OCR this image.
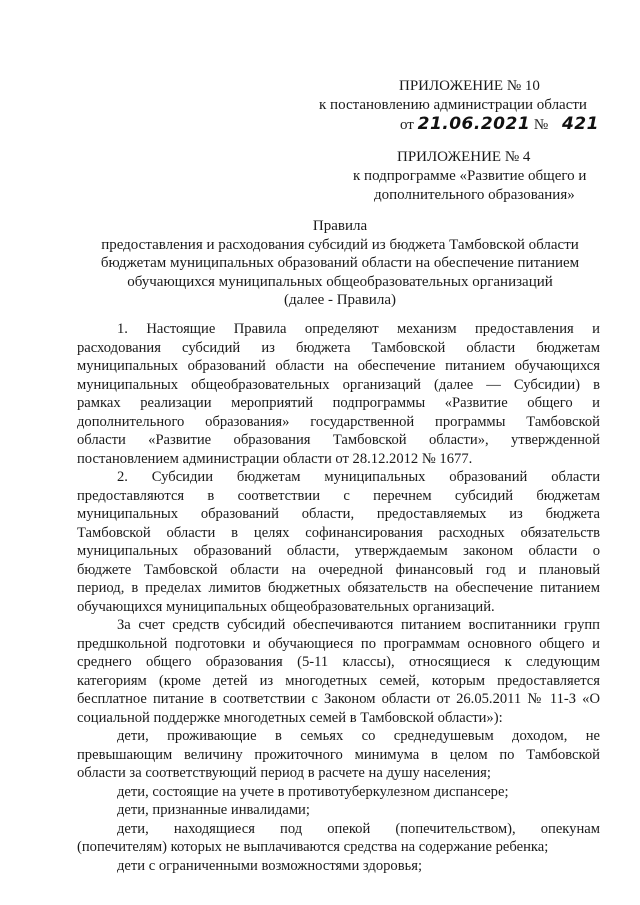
ПРИЛОЖЕНИЕ № 10
к постановлению администрации области
от 21.06.2021 № 421
ПРИЛОЖЕНИЕ № 4
к подпрограмме «Развитие общего и
дополнительного образования»
Правила
предоставления и расходования субсидий из бюджета Тамбовской области
бюджетам муниципальных образований области на обеспечение питанием
обучающихся муниципальных общеобразовательных организаций
(далее - Правила)

1. Настоящие Правила определяют механизм предоставления и

расходования субсидий из бюджета Тамбовской области бюджетам

муниципальных образований области на обеспечение питанием обучающихся

муниципальных общеобразовательных организаций (далее — Субсидии) в

рамках реализации мероприятий подпрограммы «Развитие общего и

дополнительного образования» государственной программы Тамбовской

области «Развитие образования Тамбовской области», утвержденной

постановлением администрации области от 28.12.2012 № 1677.

2. Субсидии бюджетам муниципальных образований области

предоставляются в соответствии с перечнем субсидий бюджетам

муниципальных образований области, предоставляемых из бюджета

Тамбовской области в целях софинансирования расходных обязательств

муниципальных образований области, утверждаемым законом области о

бюджете Тамбовской области на очередной финансовый год и плановый

период, в пределах лимитов бюджетных обязательств на обеспечение питанием

обучающихся муниципальных общеобразовательных организаций.

За счет средств субсидий обеспечиваются питанием воспитанники групп

предшкольной подготовки и обучающиеся по программам основного общего и

среднего общего образования (5-11 классы), относящиеся к следующим

категориям (кроме детей из многодетных семей, которым предоставляется

бесплатное питание в соответствии с Законом области от 26.05.2011 № 11-З «О

социальной поддержке многодетных семей в Тамбовской области»):

дети, проживающие в семьях со среднедушевым доходом, не

превышающим величину прожиточного минимума в целом по Тамбовской

области за соответствующий период в расчете на душу населения;

дети, состоящие на учете в противотуберкулезном диспансере;

дети, признанные инвалидами;

дети, находящиеся под опекой (попечительством), опекунам

(попечителям) которых не выплачиваются средства на содержание ребенка;

дети с ограниченными возможностями здоровья;
